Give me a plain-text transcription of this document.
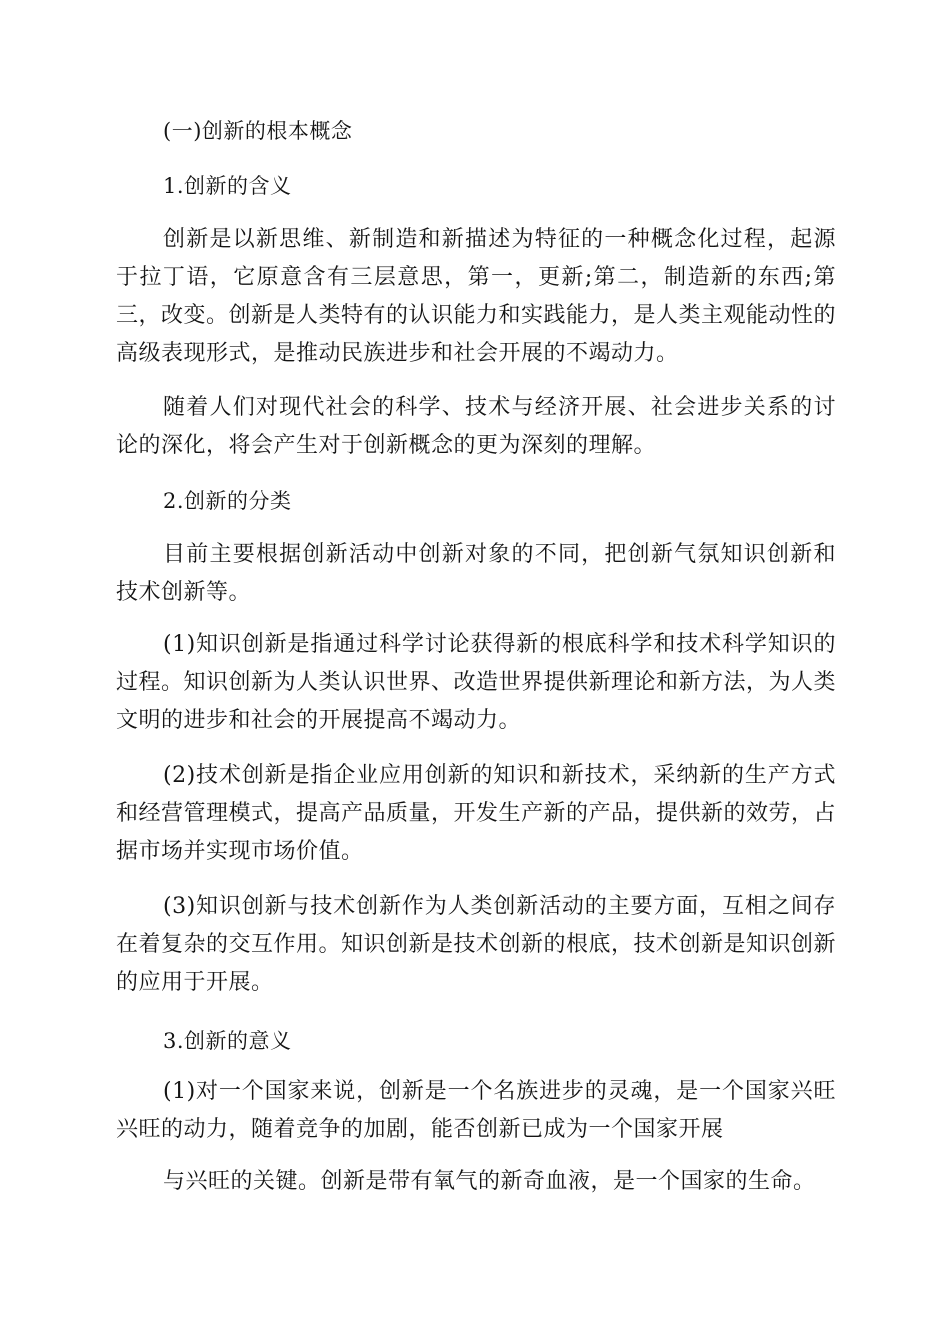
(一)创新的根本概念

1.创新的含义

创新是以新思维、新制造和新描述为特征的一种概念化过程，起源于拉丁语，它原意含有三层意思，第一，更新;第二，制造新的东西;第三，改变。创新是人类特有的认识能力和实践能力，是人类主观能动性的高级表现形式，是推动民族进步和社会开展的不竭动力。

随着人们对现代社会的科学、技术与经济开展、社会进步关系的讨论的深化，将会产生对于创新概念的更为深刻的理解。

2.创新的分类

目前主要根据创新活动中创新对象的不同，把创新气氛知识创新和技术创新等。

(1)知识创新是指通过科学讨论获得新的根底科学和技术科学知识的过程。知识创新为人类认识世界、改造世界提供新理论和新方法，为人类文明的进步和社会的开展提高不竭动力。

(2)技术创新是指企业应用创新的知识和新技术，采纳新的生产方式和经营管理模式，提高产品质量，开发生产新的产品，提供新的效劳，占据市场并实现市场价值。

(3)知识创新与技术创新作为人类创新活动的主要方面，互相之间存在着复杂的交互作用。知识创新是技术创新的根底，技术创新是知识创新的应用于开展。

3.创新的意义

(1)对一个国家来说，创新是一个名族进步的灵魂，是一个国家兴旺兴旺的动力，随着竞争的加剧，能否创新已成为一个国家开展

与兴旺的关键。创新是带有氧气的新奇血液，是一个国家的生命。
